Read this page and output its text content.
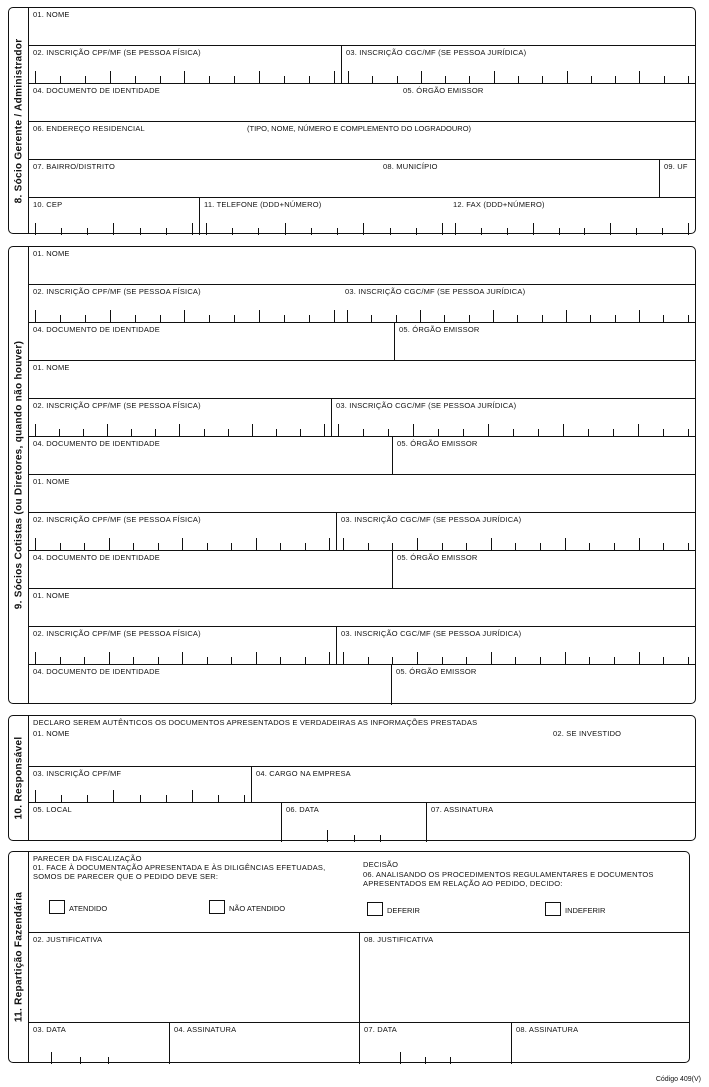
8. Sócio Gerente / Administrador
01. NOME
02. INSCRIÇÃO CPF/MF (SE PESSOA FÍSICA)	03. INSCRIÇÃO CGC/MF (SE PESSOA JURÍDICA)
04. DOCUMENTO DE IDENTIDADE	05. ÓRGÃO EMISSOR
06. ENDEREÇO RESIDENCIAL	(TIPO, NOME, NÚMERO E COMPLEMENTO DO LOGRADOURO)
07. BAIRRO/DISTRITO	08. MUNICÍPIO	09. UF
10. CEP	11. TELEFONE (DDD+NÚMERO)	12. FAX (DDD+NÚMERO)
9. Sócios Cotistas (ou Diretores, quando não houver)
01. NOME
02. INSCRIÇÃO CPF/MF (SE PESSOA FÍSICA)	03. INSCRIÇÃO CGC/MF (SE PESSOA JURÍDICA)
04. DOCUMENTO DE IDENTIDADE	05. ÓRGÃO EMISSOR
01. NOME
02. INSCRIÇÃO CPF/MF (SE PESSOA FÍSICA)	03. INSCRIÇÃO CGC/MF (SE PESSOA JURÍDICA)
04. DOCUMENTO DE IDENTIDADE	05. ÓRGÃO EMISSOR
01. NOME
02. INSCRIÇÃO CPF/MF (SE PESSOA FÍSICA)	03. INSCRIÇÃO CGC/MF (SE PESSOA JURÍDICA)
04. DOCUMENTO DE IDENTIDADE	05. ÓRGÃO EMISSOR
01. NOME
02. INSCRIÇÃO CPF/MF (SE PESSOA FÍSICA)	03. INSCRIÇÃO CGC/MF (SE PESSOA JURÍDICA)
04. DOCUMENTO DE IDENTIDADE	05. ÓRGÃO EMISSOR
10. Responsável
DECLARO SEREM AUTÊNTICOS OS DOCUMENTOS APRESENTADOS E VERDADEIRAS AS INFORMAÇÕES PRESTADAS
01. NOME	02. SE INVESTIDO
03. INSCRIÇÃO CPF/MF	04. CARGO NA EMPRESA
05. LOCAL	06. DATA	07. ASSINATURA
11. Repartição Fazendária
PARECER DA FISCALIZAÇÃO
01. FACE À DOCUMENTAÇÃO APRESENTADA E ÀS DILIGÊNCIAS EFETUADAS, SOMOS DE PARECER QUE O PEDIDO DEVE SER:
ATENDIDO	NÃO ATENDIDO
DECISÃO
06. ANALISANDO OS PROCEDIMENTOS REGULAMENTARES E DOCUMENTOS APRESENTADOS EM RELAÇÃO AO PEDIDO, DECIDO:
DEFERIR	INDEFERIR
02. JUSTIFICATIVA	08. JUSTIFICATIVA
03. DATA	04. ASSINATURA	07. DATA	08. ASSINATURA
Código 409(V)
